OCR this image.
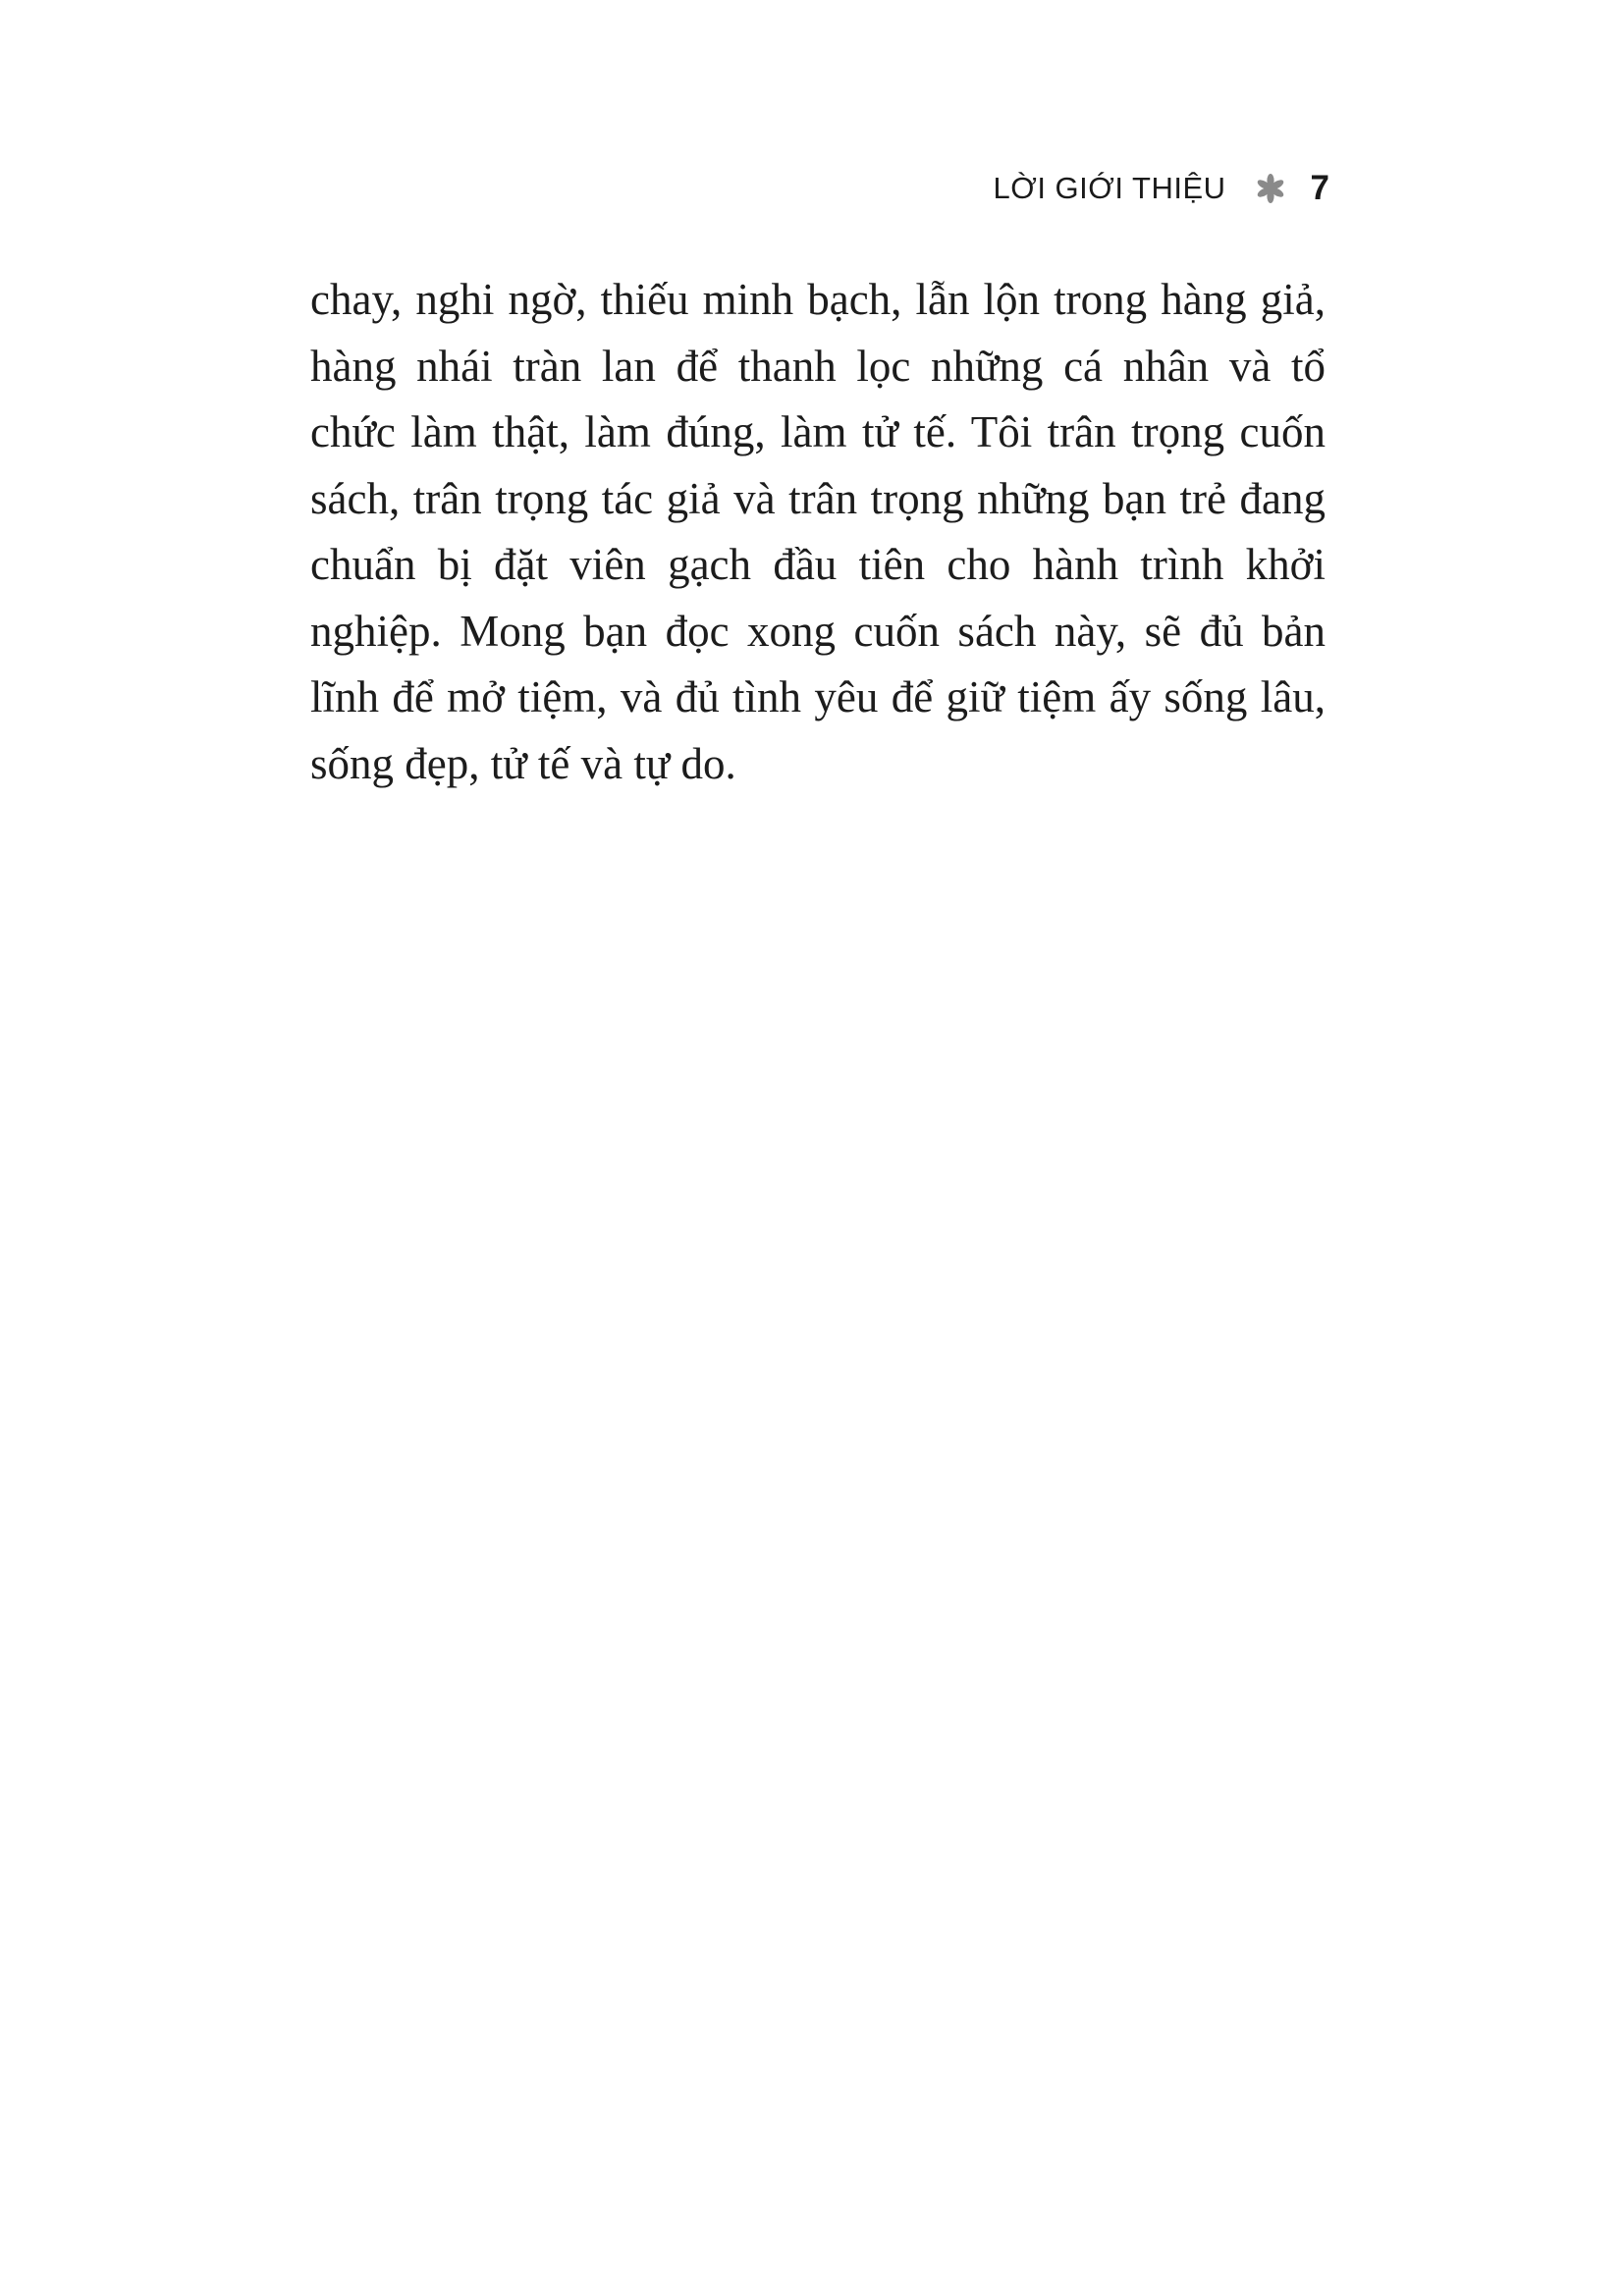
LỜI GIỚI THIỆU 7
chay, nghi ngờ, thiếu minh bạch, lẫn lộn trong hàng giả,
hàng nhái tràn lan để thanh lọc những cá nhân và tổ
chức làm thật, làm đúng, làm tử tế. Tôi trân trọng cuốn
sách, trân trọng tác giả và trân trọng những bạn trẻ đang
chuẩn bị đặt viên gạch đầu tiên cho hành trình khởi
nghiệp. Mong bạn đọc xong cuốn sách này, sẽ đủ bản
lĩnh để mở tiệm, và đủ tình yêu để giữ tiệm ấy sống lâu,
sống đẹp, tử tế và tự do.
